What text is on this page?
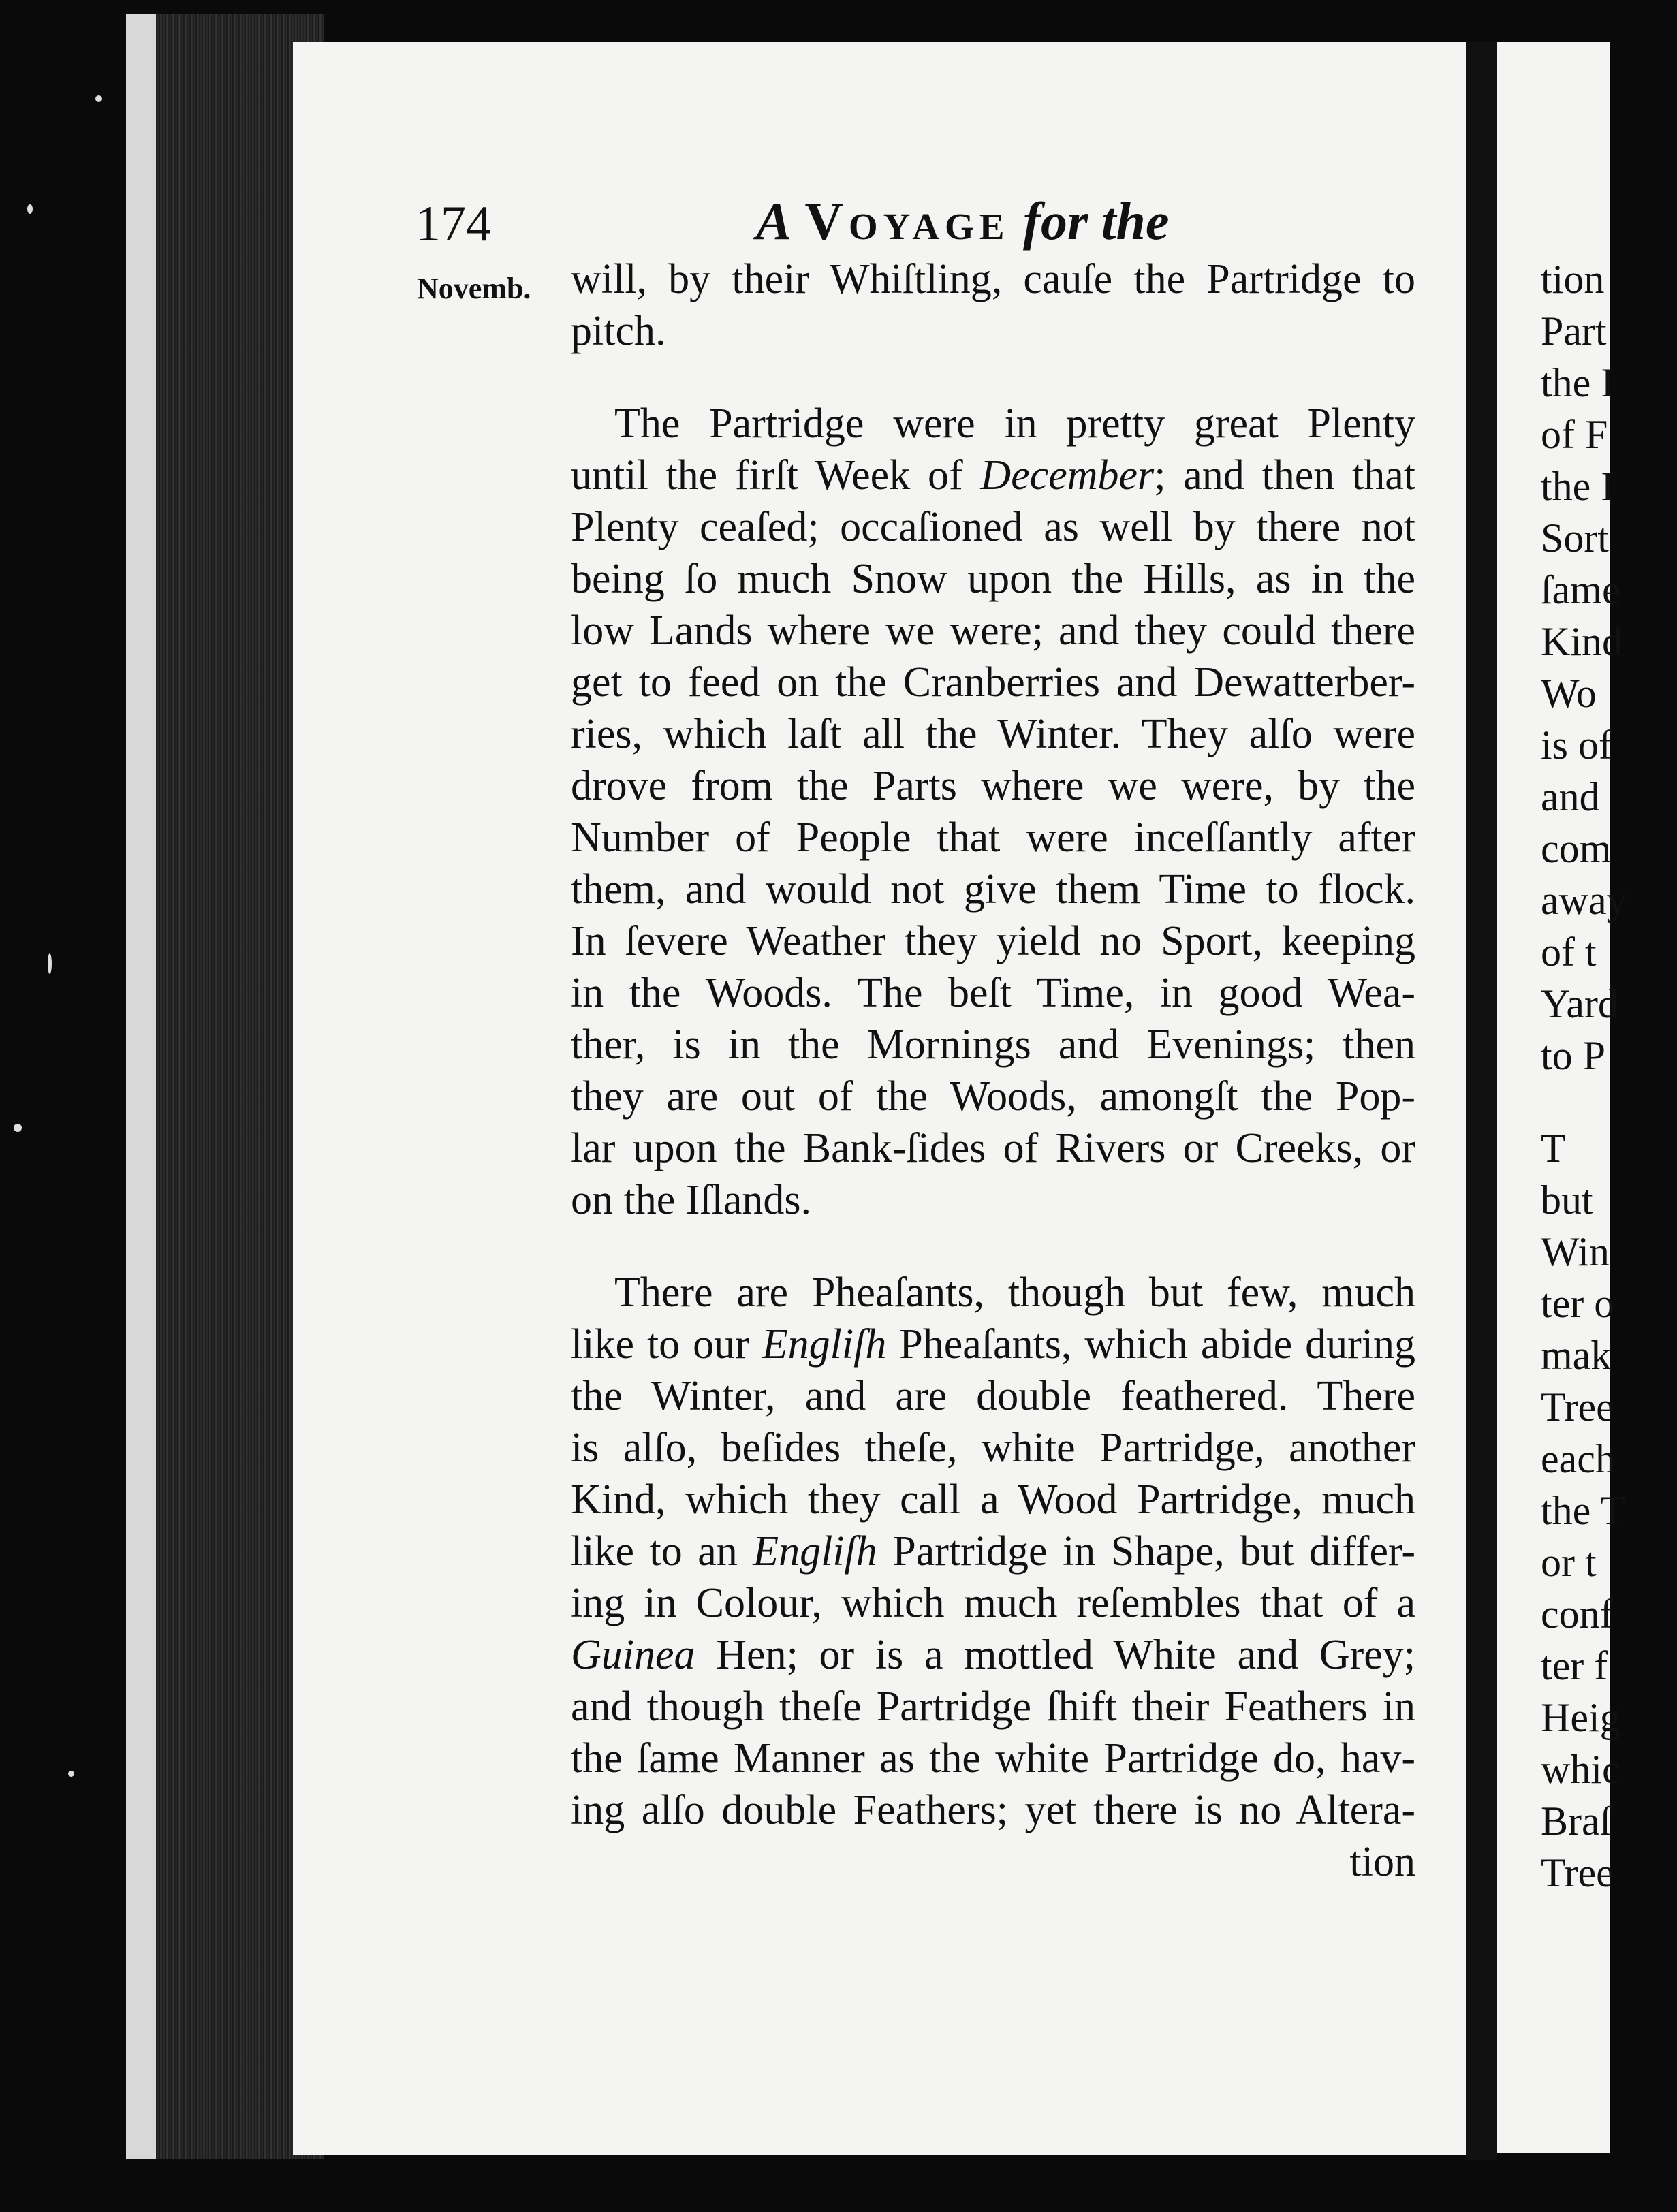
174	A Voyage for the
Novemb. will, by their Whiſtling, cauſe the Partridge to
pitch.
The Partridge were in pretty great Plenty
until the firſt Week of December; and then that
Plenty ceaſed; occaſioned as well by there not
being ſo much Snow upon the Hills, as in the
low Lands where we were; and they could there
get to feed on the Cranberries and Dewatterber-
ries, which laſt all the Winter. They alſo were
drove from the Parts where we were, by the
Number of People that were inceſſantly after
them, and would not give them Time to flock.
In ſevere Weather they yield no Sport, keeping
in the Woods. The beſt Time, in good Wea-
ther, is in the Mornings and Evenings; then
they are out of the Woods, amongſt the Pop-
lar upon the Bank-ſides of Rivers or Creeks, or
on the Iſlands.
There are Pheaſants, though but few, much
like to our Engliſh Pheaſants, which abide during
the Winter, and are double feathered. There
is alſo, beſides theſe, white Partridge, another
Kind, which they call a Wood Partridge, much
like to an Engliſh Partridge in Shape, but differ-
ing in Colour, which much reſembles that of a
Guinea Hen; or is a mottled White and Grey;
and though theſe Partridge ſhift their Feathers in
the ſame Manner as the white Partridge do, hav-
ing alſo double Feathers; yet there is no Altera-
tion
tion
Part
the I
of F
the I
Sort
ſame
Kind
Wo
is of
and
com
away
of t
Yard
to P
T
but
Win
ter o
mak
Tree
each
the T
or t
conf
ter f
Heig
whic
Braſ
Tree
